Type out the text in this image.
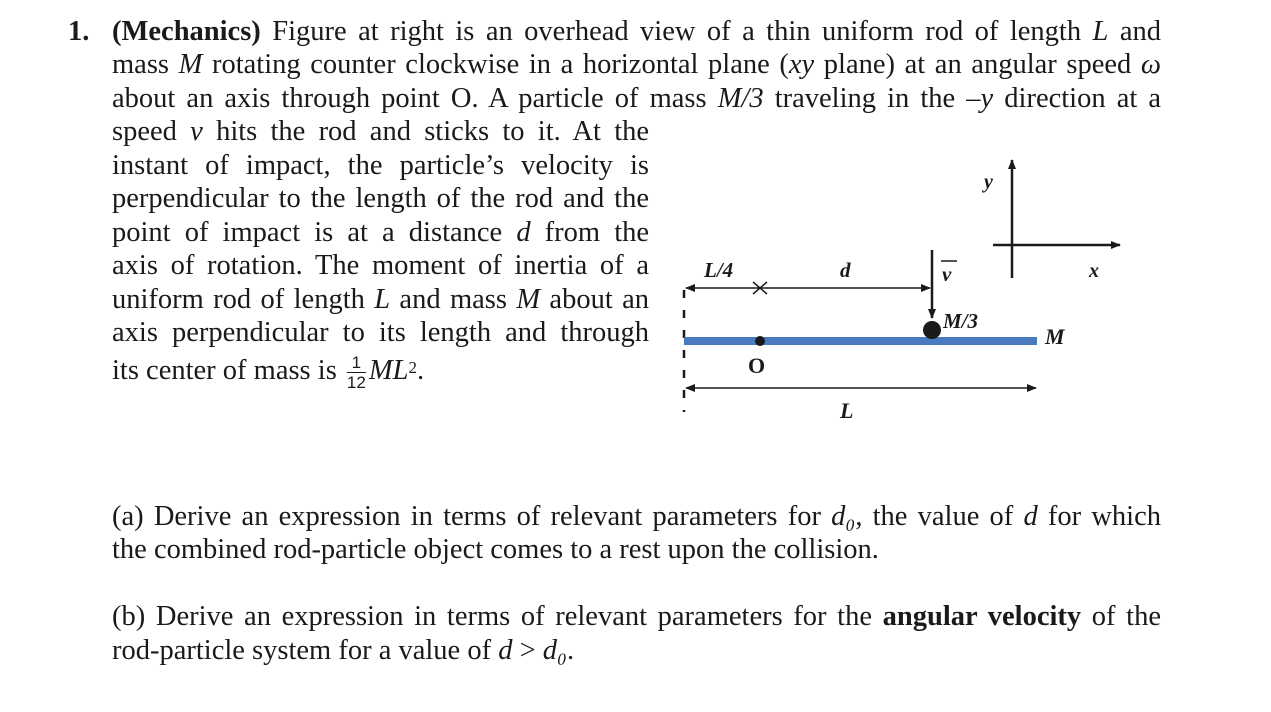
1. (Mechanics) Figure at right is an overhead view of a thin uniform rod of length L and
mass M rotating counter clockwise in a horizontal plane (xy plane) at an angular speed ω
about an axis through point O. A particle of mass M/3 traveling in the –y direction at a
speed v hits the rod and sticks to it. At the
instant of impact, the particle’s velocity is
perpendicular to the length of the rod and the
point of impact is at a distance d from the
axis of rotation. The moment of inertia of a
uniform rod of length L and mass M about an
axis perpendicular to its length and through
its center of mass is $\frac{1}{12} ML^2$.
y
x
L/4	d	v
M/3
M
O
L
(a) Derive an expression in terms of relevant parameters for d₀, the value of d for which
the combined rod-particle object comes to a rest upon the collision.
(b) Derive an expression in terms of relevant parameters for the angular velocity of the
rod-particle system for a value of d > d₀.
